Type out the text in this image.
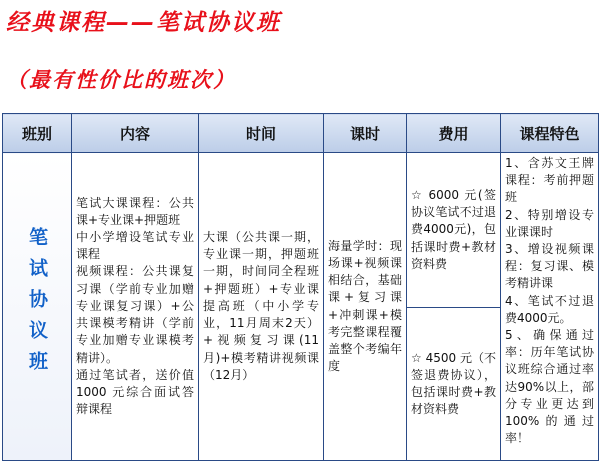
经典课程——笔试协议班
（最有性价比的班次）
班别	内容	时间	课时	费用	课程特色
笔试协议班	笔试大课课程：公共课+专业课+押题班
中小学增设笔试专业课程
视频课程：公共课复习课（学前专业加赠专业课复习课）+公共课模考精讲（学前专业加赠专业课模考精讲）。
通过笔试者，送价值 1000 元综合面试答辩课程	大课（公共课一期，专业课一期，押题班一期，时间同全程班+押题班）+专业课提高班（中小学专业，11月周末2天）+视频复习课(11月)+模考精讲视频课（12月）	海量学时：现场课+视频课相结合，基础课+复习课+冲刺课+模考完整课程覆盖整个考编年度	☆ 6000 元(签协议笔试不过退费4000元)，包括课时费+教材资料费	1、含苏文王牌课程：考前押题班
2、特别增设专业课课时
3、增设视频课程：复习课、模考精讲课
4、笔试不过退费4000元。
5、确保通过率：历年笔试协议班综合通过率达90%以上，部分专业更达到100%的通过率！

				☆ 4500 元（不签退费协议），包括课时费+教材资料费	
